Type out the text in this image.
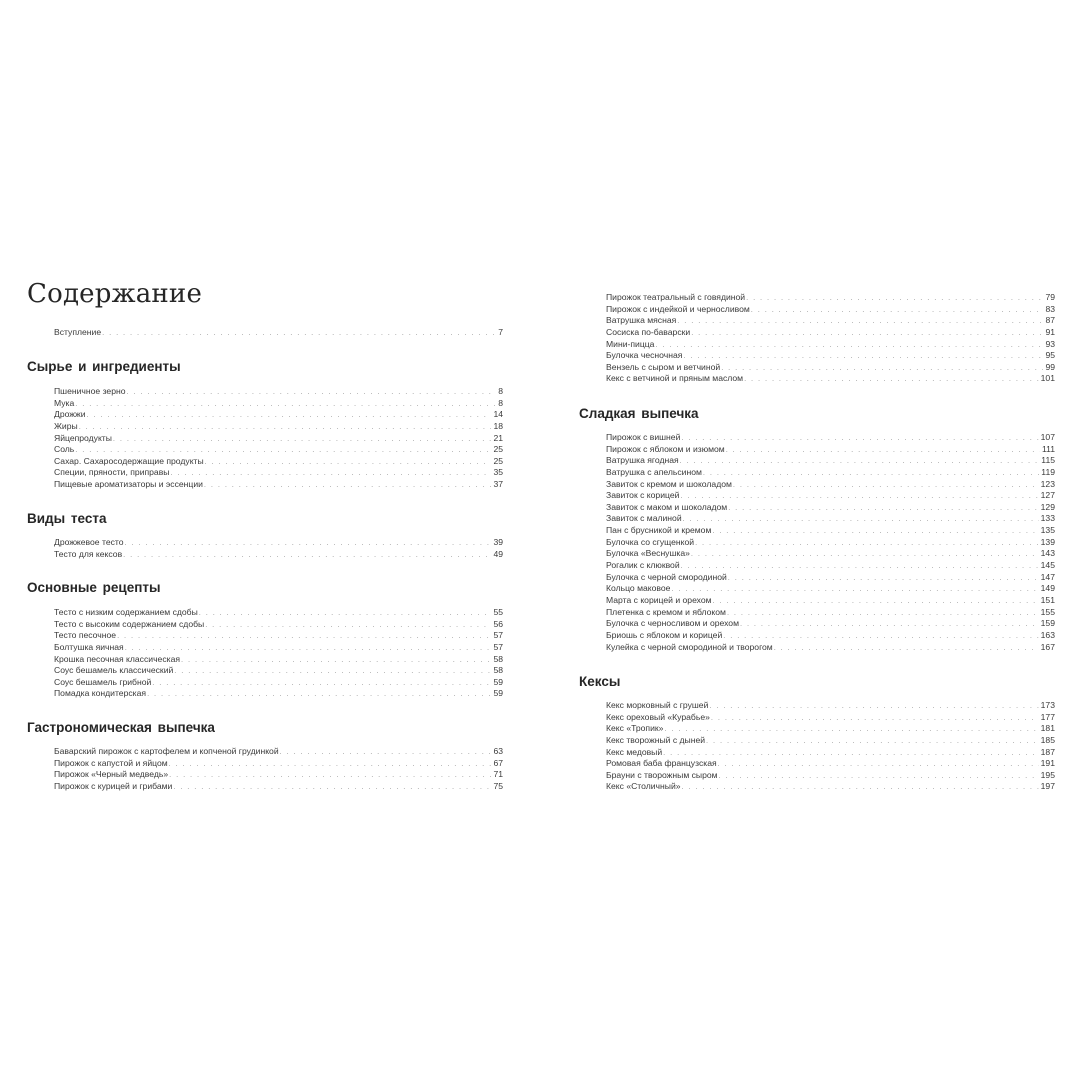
Содержание
Вступление . . .	7
Сырье и ингредиенты
Пшеничное зерно . . .	8
Мука . . .	8
Дрожжи . . .	14
Жиры . . .	18
Яйцепродукты . . .	21
Соль . . .	25
Сахар. Сахаросодержащие продукты . . .	25
Специи, пряности, приправы . . .	35
Пищевые ароматизаторы и эссенции . . .	37
Виды теста
Дрожжевое тесто . . .	39
Тесто для кексов . . .	49
Основные рецепты
Тесто с низким содержанием сдобы . . .	55
Тесто с высоким содержанием сдобы . . .	56
Тесто песочное . . .	57
Болтушка яичная . . .	57
Крошка песочная классическая . . .	58
Соус бешамель классический . . .	58
Соус бешамель грибной . . .	59
Помадка кондитерская . . .	59
Гастрономическая выпечка
Баварский пирожок с картофелем и копченой грудинкой . . .	63
Пирожок с капустой и яйцом . . .	67
Пирожок «Черный медведь» . . .	71
Пирожок с курицей и грибами . . .	75
Пирожок театральный с говядиной . . .	79
Пирожок с индейкой и черносливом . . .	83
Ватрушка мясная . . .	87
Сосиска по-баварски . . .	91
Мини-пицца . . .	93
Булочка чесночная . . .	95
Вензель с сыром и ветчиной . . .	99
Кекс с ветчиной и пряным маслом . . .	101
Сладкая выпечка
Пирожок с вишней . . .	107
Пирожок с яблоком и изюмом . . .	111
Ватрушка ягодная . . .	115
Ватрушка с апельсином . . .	119
Завиток с кремом и шоколадом . . .	123
Завиток с корицей . . .	127
Завиток с маком и шоколадом . . .	129
Завиток с малиной . . .	133
Пан с брусникой и кремом . . .	135
Булочка со сгущенкой . . .	139
Булочка «Веснушка» . . .	143
Рогалик с клюквой . . .	145
Булочка с черной смородиной . . .	147
Кольцо маковое . . .	149
Марта с корицей и орехом . . .	151
Плетенка с кремом и яблоком . . .	155
Булочка с черносливом и орехом . . .	159
Бриошь с яблоком и корицей . . .	163
Кулейка с черной смородиной и творогом . . .	167
Кексы
Кекс морковный с грушей . . .	173
Кекс ореховый «Курабье» . . .	177
Кекс «Тропик» . . .	181
Кекс творожный с дыней . . .	185
Кекс медовый . . .	187
Ромовая баба французская . . .	191
Брауни с творожным сыром . . .	195
Кекс «Столичный» . . .	197
